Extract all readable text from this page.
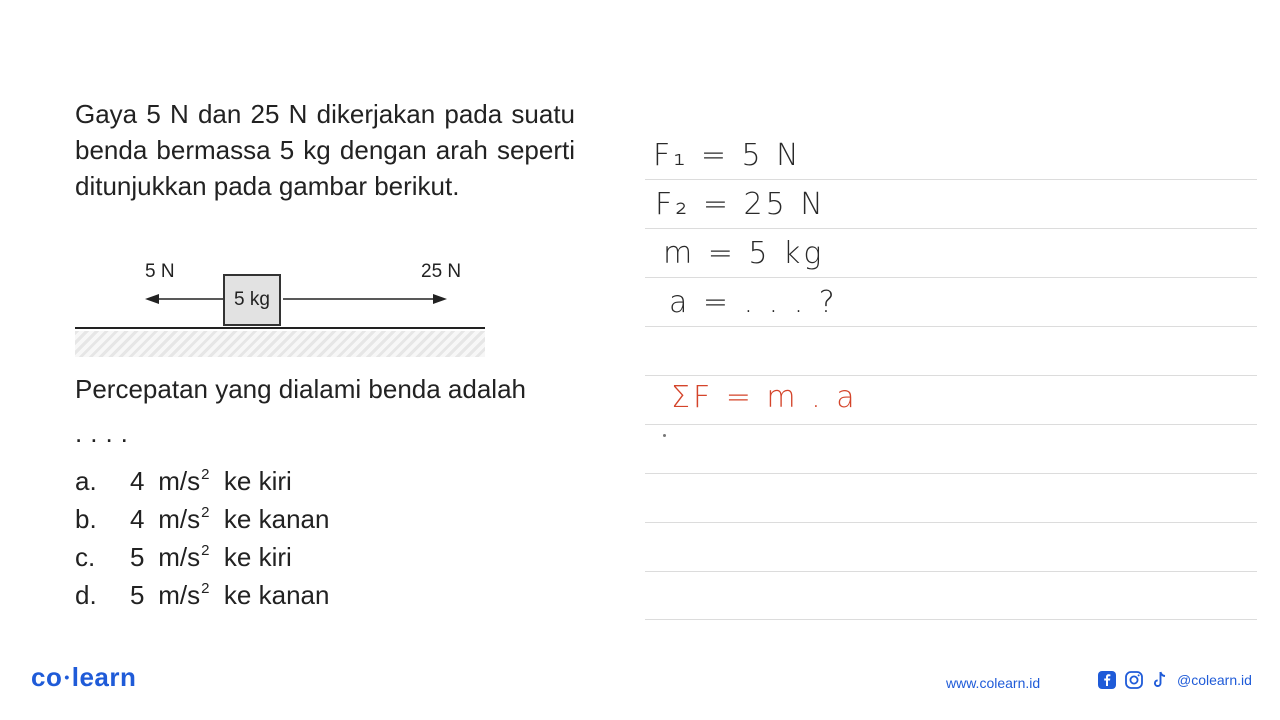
Gaya 5 N dan 25 N dikerjakan pada suatu benda bermassa 5 kg dengan arah seperti ditunjukkan pada gambar berikut.
5 N	25 N
5 kg
Percepatan yang dialami benda adalah
....
a. 4 $m/s^2$ ke kiri
b. 4 $m/s^2$ ke kanan
c. 5 $m/s^2$ ke kiri
d. 5 $m/s^2$ ke kanan
F₁ = 5 N
F₂ = 25 N
m = 5 kg
a = . . . ?
ΣF = m . a
co •learn	www.colearn.id	@colearn.id
